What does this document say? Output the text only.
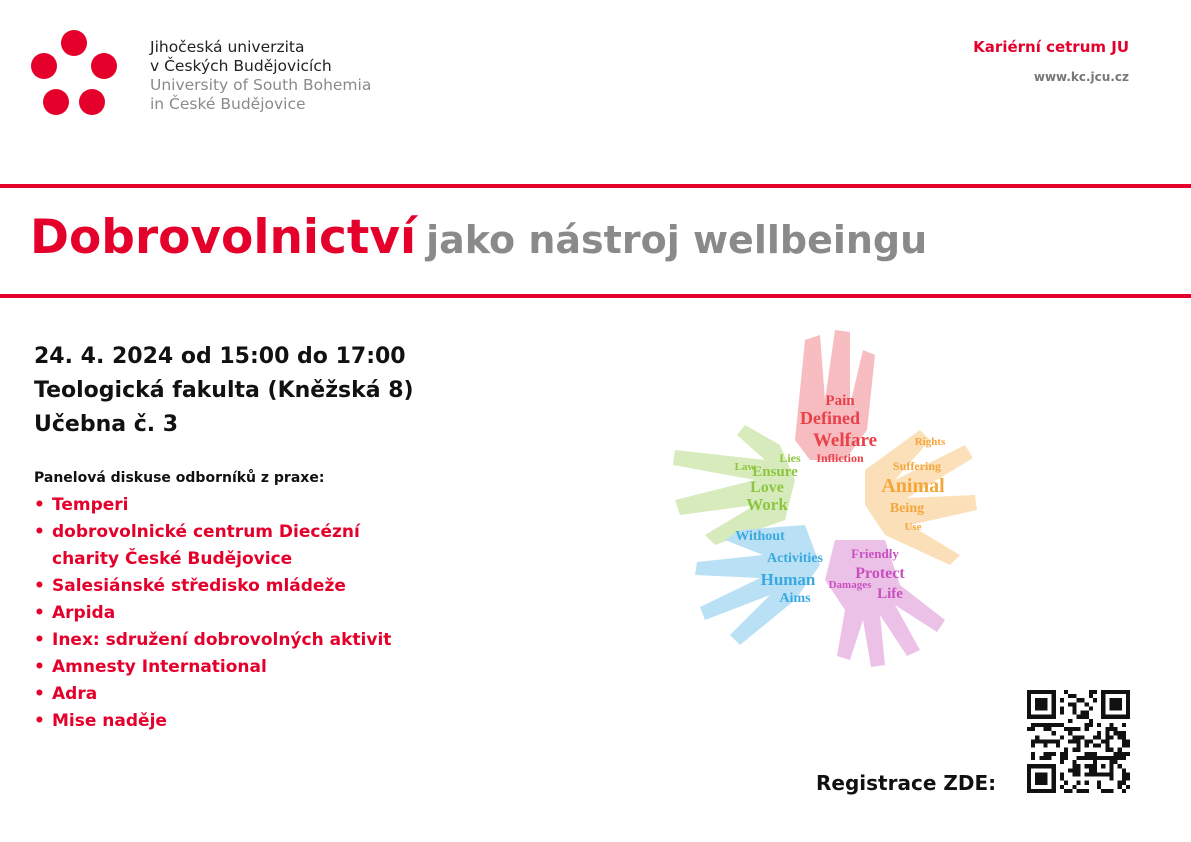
Jihočeská univerzita
v Českých Budějovicích
University of South Bohemia
in České Budějovice
Kariérní cetrum JU
www.kc.jcu.cz
Dobrovolnictví jako nástroj wellbeingu
24. 4. 2024 od 15:00 do 17:00
Teologická fakulta (Kněžská 8)
Učebna č. 3
Panelová diskuse odborníků z praxe:
• Temperi
• dobrovolnické centrum Diecézní charity České Budějovice
• Salesiánské středisko mládeže
• Arpida
• Inex: sdružení dobrovolných aktivit
• Amnesty International
• Adra
• Mise naděje
Pain
Defined
Welfare
Infliction
Animal
Being
Suffering
Ensure
Love
Work
Lies
Without
Activities
Human
Aims
Protect
Life
Friendly
Damages
Law
Rights
Use
Registrace ZDE:
